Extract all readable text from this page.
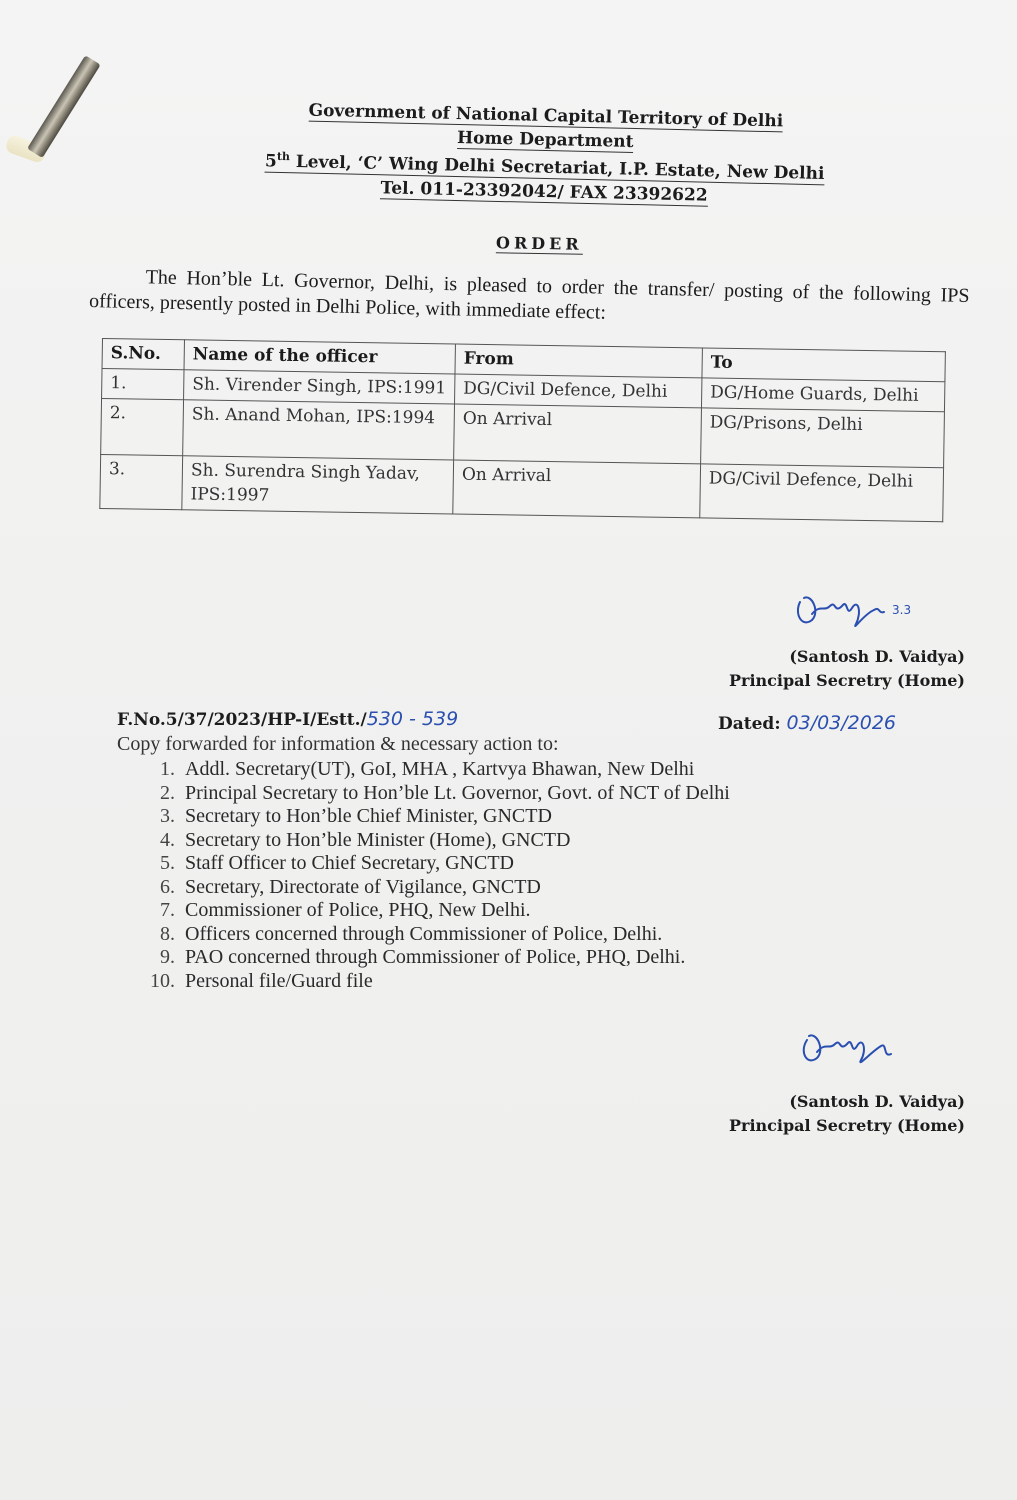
Government of National Capital Territory of Delhi
Home Department
5th Level, ‘C’ Wing Delhi Secretariat, I.P. Estate, New Delhi
Tel. 011-23392042/ FAX 23392622
ORDER

The Hon’ble Lt. Governor, Delhi, is pleased to order the transfer/ posting of the following IPS officers, presently posted in Delhi Police, with immediate effect:

S.No.	Name of the officer	From	To
1.	Sh. Virender Singh, IPS:1991	DG/Civil Defence, Delhi	DG/Home Guards, Delhi
2.	Sh. Anand Mohan, IPS:1994	On Arrival	DG/Prisons, Delhi
3.	Sh. Surendra Singh Yadav, IPS:1997	On Arrival	DG/Civil Defence, Delhi
3.3
(Santosh D. Vaidya)
Principal Secretry (Home)
F.No.5/37/2023/HP-I/Estt./530 - 539	Dated: 03/03/2026
Copy forwarded for information & necessary action to:
1. Addl. Secretary(UT), GoI, MHA , Kartvya Bhawan, New Delhi
2. Principal Secretary to Hon’ble Lt. Governor, Govt. of NCT of Delhi
3. Secretary to Hon’ble Chief Minister, GNCTD
4. Secretary to Hon’ble Minister (Home), GNCTD
5. Staff Officer to Chief Secretary, GNCTD
6. Secretary, Directorate of Vigilance, GNCTD
7. Commissioner of Police, PHQ, New Delhi.
8. Officers concerned through Commissioner of Police, Delhi.
9. PAO concerned through Commissioner of Police, PHQ, Delhi.
10. Personal file/Guard file
(Santosh D. Vaidya)
Principal Secretry (Home)
